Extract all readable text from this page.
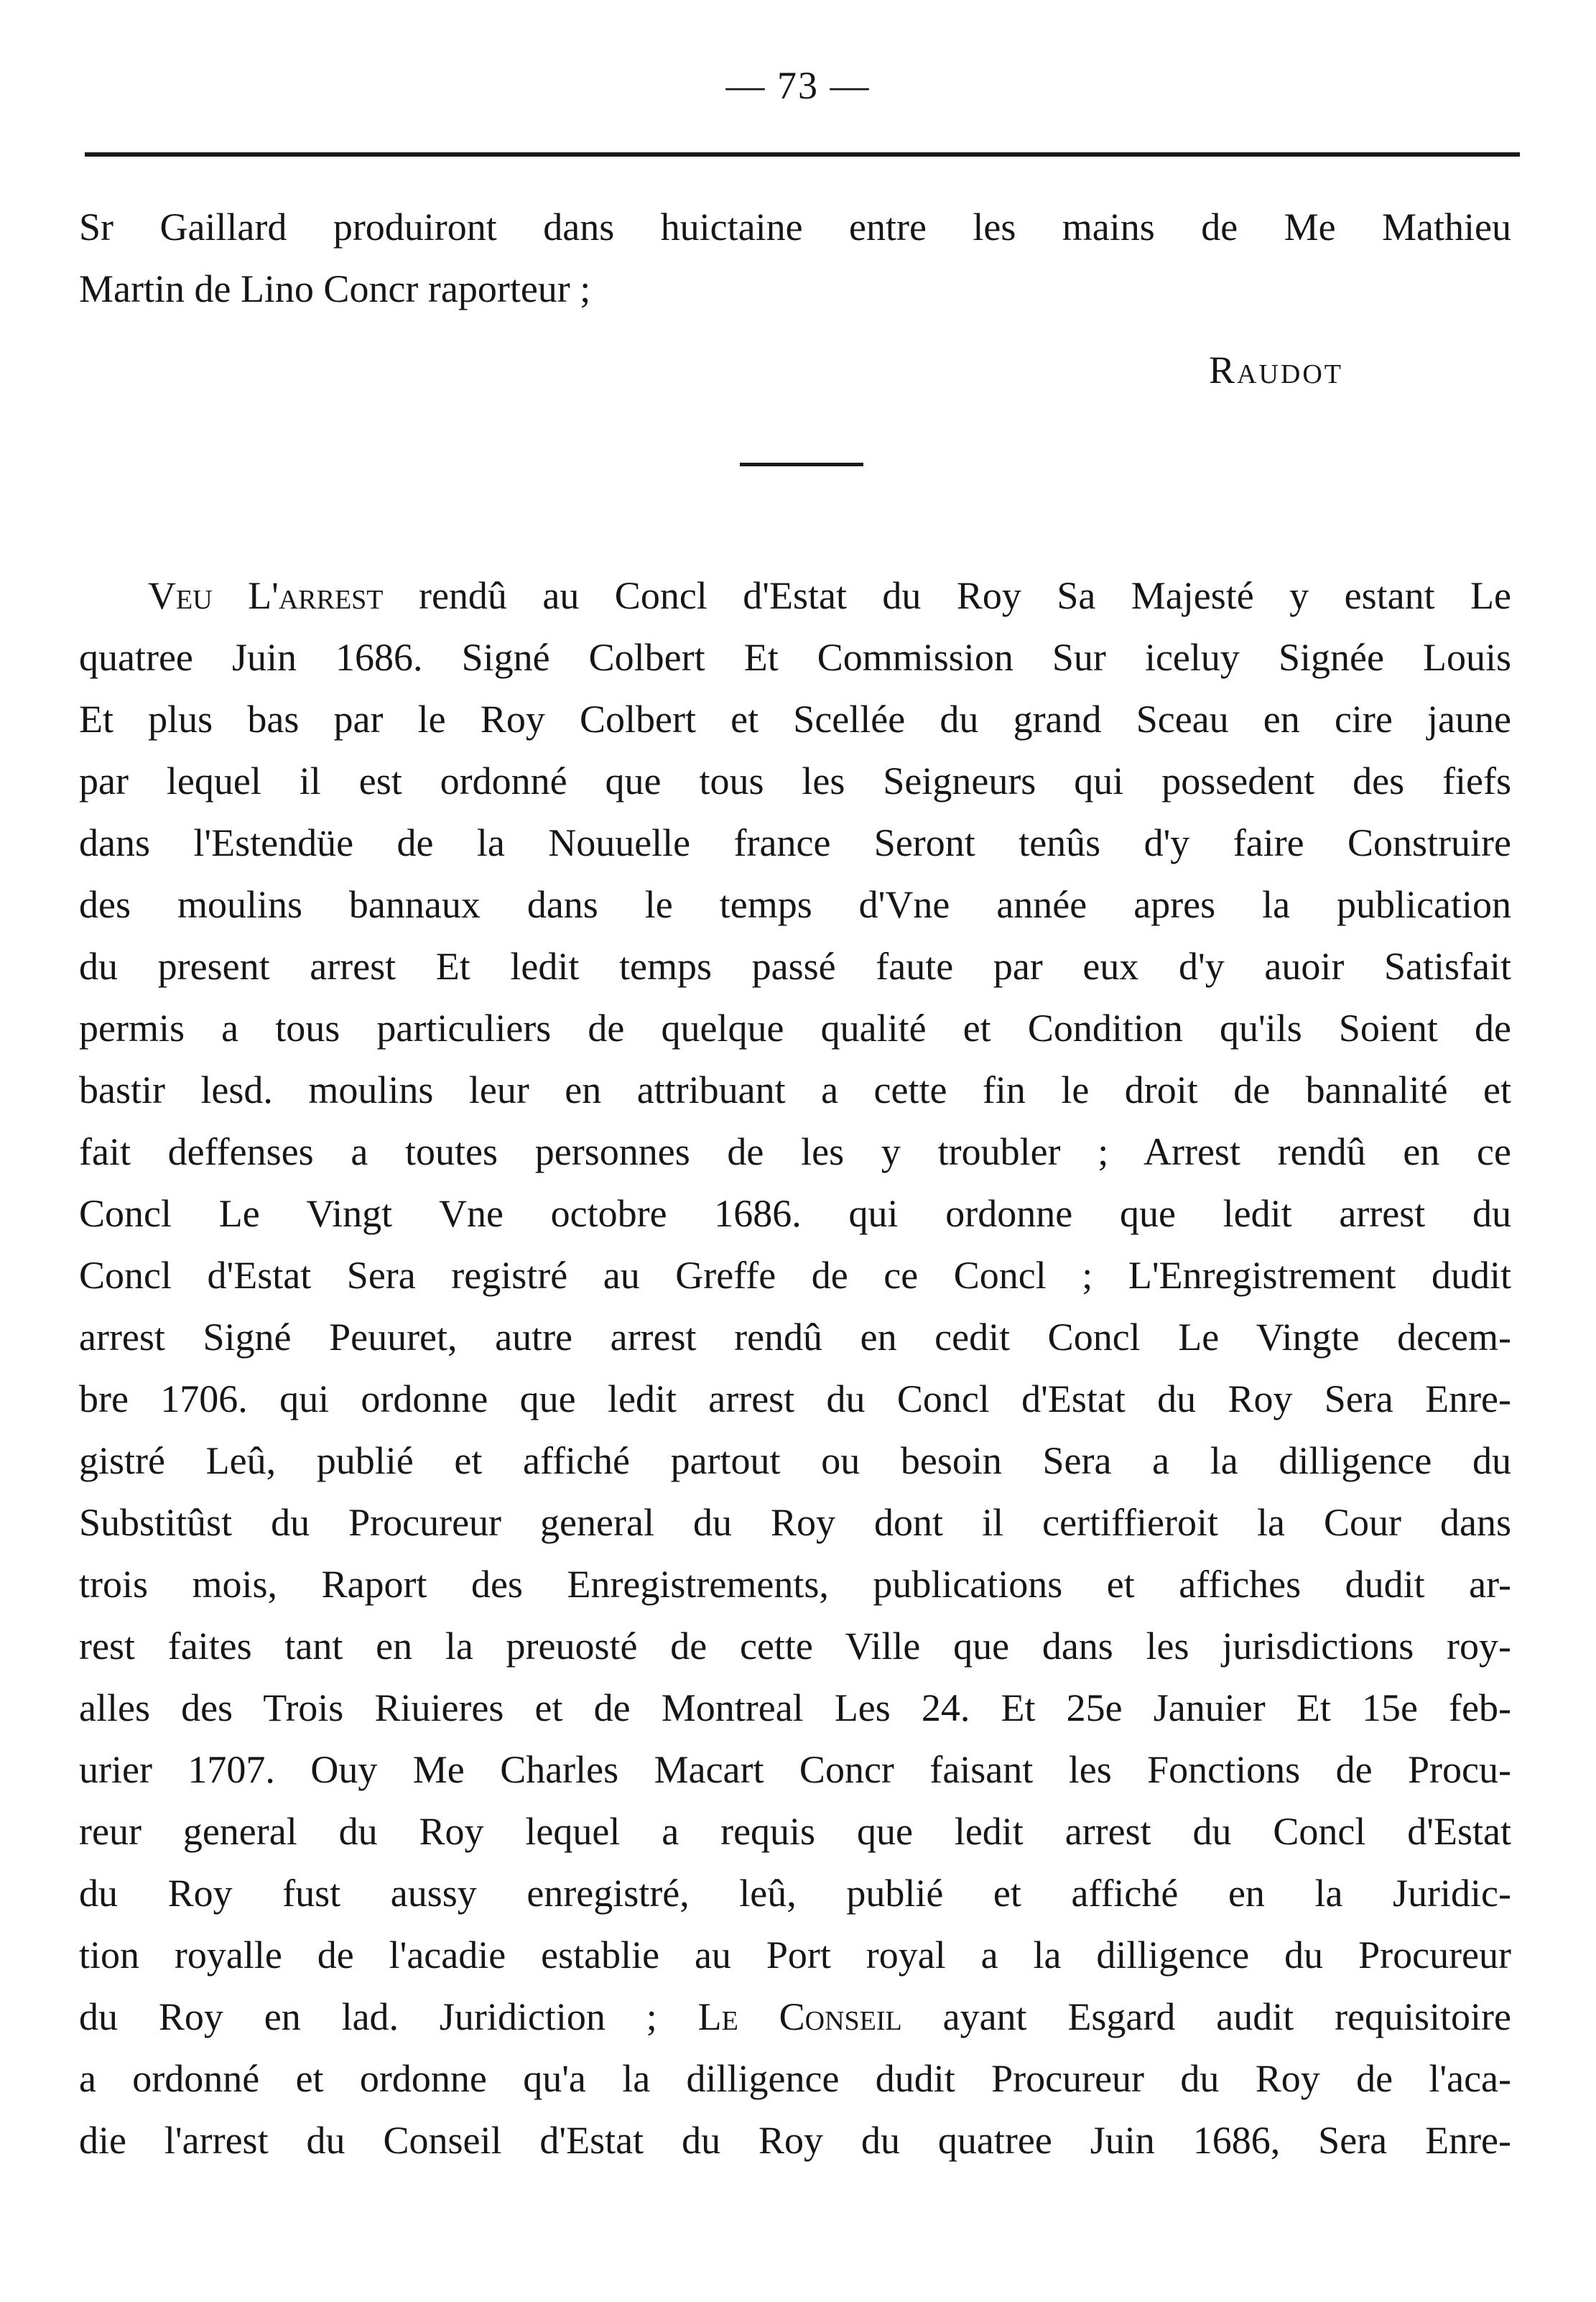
— 73 —
Sr Gaillard produiront dans huictaine entre les mains de Me Mathieu
Martin de Lino Concr raporteur ;
Raudot
Veu L'arrest rendû au Concl d'Estat du Roy Sa Majesté y estant Le
quatree Juin 1686. Signé Colbert Et Commission Sur iceluy Signée Louis
Et plus bas par le Roy Colbert et Scellée du grand Sceau en cire jaune
par lequel il est ordonné que tous les Seigneurs qui possedent des fiefs
dans l'Estendüe de la Nouuelle france Seront tenûs d'y faire Construire
des moulins bannaux dans le temps d'Vne année apres la publication
du present arrest Et ledit temps passé faute par eux d'y auoir Satisfait
permis a tous particuliers de quelque qualité et Condition qu'ils Soient de
bastir lesd. moulins leur en attribuant a cette fin le droit de bannalité et
fait deffenses a toutes personnes de les y troubler ; Arrest rendû en ce
Concl Le Vingt Vne octobre 1686. qui ordonne que ledit arrest du
Concl d'Estat Sera registré au Greffe de ce Concl ; L'Enregistrement dudit
arrest Signé Peuuret, autre arrest rendû en cedit Concl Le Vingte decem-
bre 1706. qui ordonne que ledit arrest du Concl d'Estat du Roy Sera Enre-
gistré Leû, publié et affiché partout ou besoin Sera a la dilligence du
Substitûst du Procureur general du Roy dont il certiffieroit la Cour dans
trois mois, Raport des Enregistrements, publications et affiches dudit ar-
rest faites tant en la preuosté de cette Ville que dans les jurisdictions roy-
alles des Trois Riuieres et de Montreal Les 24. Et 25e Januier Et 15e feb-
urier 1707. Ouy Me Charles Macart Concr faisant les Fonctions de Procu-
reur general du Roy lequel a requis que ledit arrest du Concl d'Estat
du Roy fust aussy enregistré, leû, publié et affiché en la Juridic-
tion royalle de l'acadie establie au Port royal a la dilligence du Procureur
du Roy en lad. Juridiction ; Le Conseil ayant Esgard audit requisitoire
a ordonné et ordonne qu'a la dilligence dudit Procureur du Roy de l'aca-
die l'arrest du Conseil d'Estat du Roy du quatree Juin 1686, Sera Enre-
